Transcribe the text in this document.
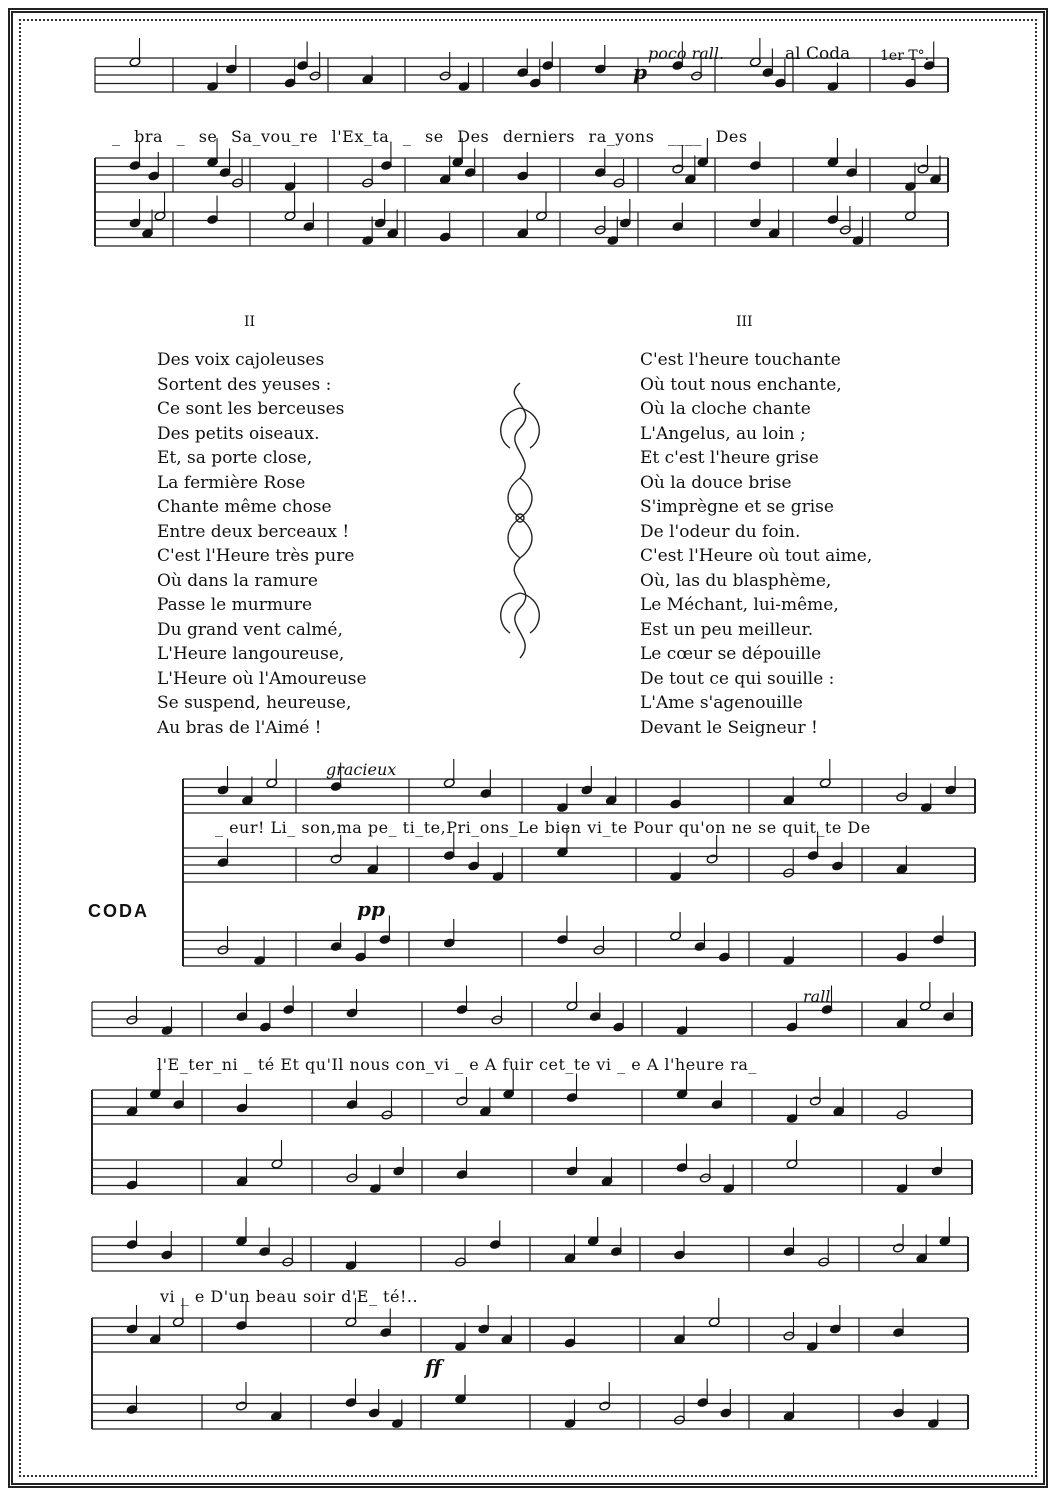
poco rall.	al Coda 1er T°.
p
_ bra _ se Sa_vou_re l'Ex_ta _ se Des derniers ra_yons ____ Des
II	III
Des voix cajoleuses
Sortent des yeuses :
Ce sont les berceuses
Des petits oiseaux.
Et, sa porte close,
La fermière Rose
Chante même chose
Entre deux berceaux !
C'est l'Heure très pure
Où dans la ramure
Passe le murmure
Du grand vent calmé,
L'Heure langoureuse,
L'Heure où l'Amoureuse
Se suspend, heureuse,
Au bras de l'Aimé !
C'est l'heure touchante
Où tout nous enchante,
Où la cloche chante
L'Angelus, au loin ;
Et c'est l'heure grise
Où la douce brise
S'imprègne et se grise
De l'odeur du foin.
C'est l'Heure où tout aime,
Où, las du blasphème,
Le Méchant, lui-même,
Est un peu meilleur.
Le cœur se dépouille
De tout ce qui souille :
L'Ame s'agenouille
Devant le Seigneur !
CODA
gracieux
pp
rall
ff
_ eur! Li_ son,ma pe_ ti_te,Pri_ons_Le bien vi_te Pour qu'on ne se quit_te De
l'E_ter_ni _ té Et qu'Il nous con_vi _ e A fuir cet_te vi _ e A l'heure ra_
vi _ e D'un beau soir d'E_ té!..
